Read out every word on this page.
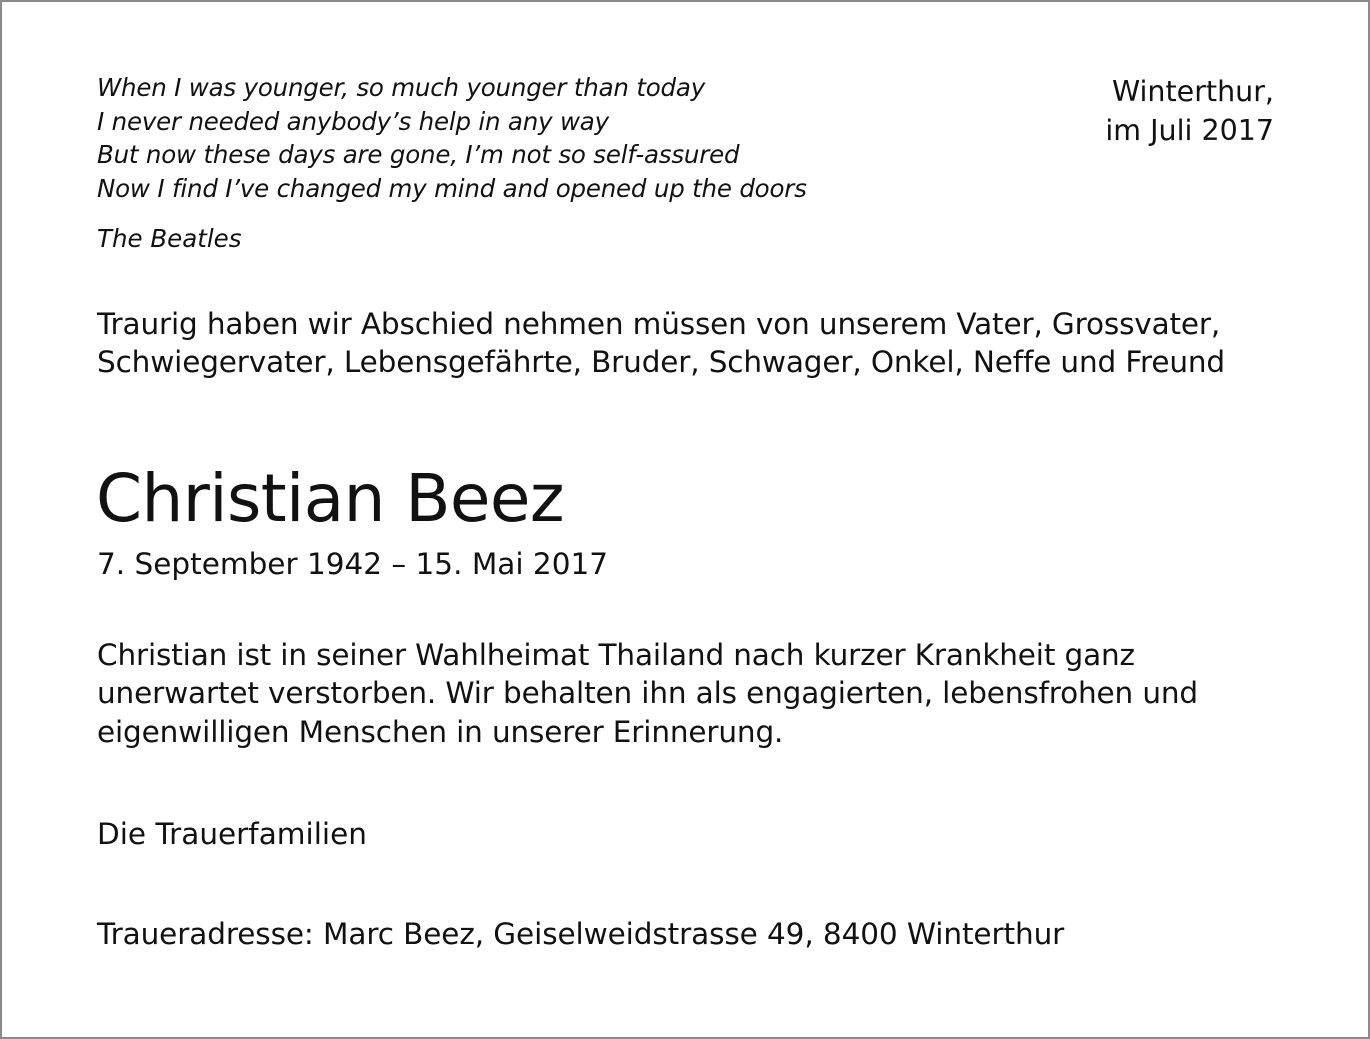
When I was younger, so much younger than today
I never needed anybody’s help in any way
But now these days are gone, I’m not so self-assured
Now I find I’ve changed my mind and opened up the doors
The Beatles
Winterthur,
im Juli 2017
Traurig haben wir Abschied nehmen müssen von unserem Vater, Grossvater, Schwiegervater, Lebensgefährte, Bruder, Schwager, Onkel, Neffe und Freund
Christian Beez
7. September 1942 – 15. Mai 2017
Christian ist in seiner Wahlheimat Thailand nach kurzer Krankheit ganz unerwartet verstorben. Wir behalten ihn als engagierten, lebensfrohen und eigenwilligen Menschen in unserer Erinnerung.
Die Trauerfamilien
Traueradresse: Marc Beez, Geiselweidstrasse 49, 8400 Winterthur
